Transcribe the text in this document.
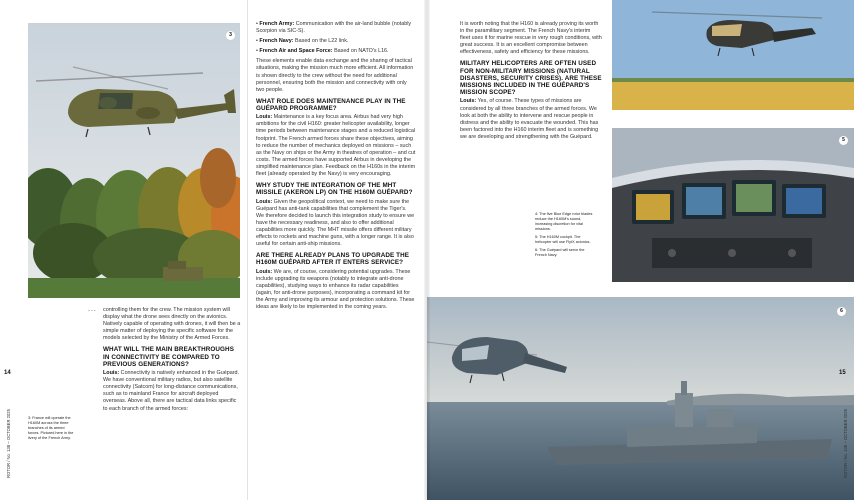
3
3: France will operate the H160M across the three branches of its armed forces. Pictured here in the livery of the French Army.
14
ROTOR / No. 138 – OCTOBER 2025
... controlling them for the crew. The mission system will display what the drone sees directly on the avionics. Natively capable of operating with drones, it will then be a simple matter of deploying the specific software for the models selected by the Ministry of the Armed Forces.

WHAT WILL THE MAIN BREAKTHROUGHS IN CONNECTIVITY BE COMPARED TO PREVIOUS GENERATIONS?

Louis: Connectivity is natively enhanced in the Guépard. We have conventional military radios, but also satellite connectivity (Satcom) for long-distance communications, such as to mainland France for aircraft deployed overseas. Above all, there are tactical data links specific to each branch of the armed forces:

• French Army: Communication with the air-land bubble (notably Scorpion via SIC-S).

• French Navy: Based on the L22 link.

• French Air and Space Force: Based on NATO's L16.

These elements enable data exchange and the sharing of tactical situations, making the mission much more efficient. All information is shown directly to the crew without the need for additional personnel, ensuring both the mission and connectivity with only two people.

WHAT ROLE DOES MAINTENANCE PLAY IN THE GUÉPARD PROGRAMME?

Louis: Maintenance is a key focus area. Airbus had very high ambitions for the civil H160: greater helicopter availability, longer time periods between maintenance stages and a reduced logistical footprint. The French armed forces share these objectives, aiming to reduce the number of mechanics deployed on missions – such as the Navy on ships or the Army in theatres of operation – and cut costs. The armed forces have supported Airbus in developing the simplified maintenance plan. Feedback on the H160s in the interim fleet (already operated by the Navy) is very encouraging.

WHY STUDY THE INTEGRATION OF THE MHT MISSILE (AKERON LP) ON THE H160M GUÉPARD?

Louis: Given the geopolitical context, we need to make sure the Guépard has anti-tank capabilities that complement the Tiger's. We therefore decided to launch this integration study to ensure we have the necessary readiness, and also to offer additional capabilities more quickly. The MHT missile offers different military effects to rockets and machine guns, with a longer range. It is also useful for certain anti-ship missions.

ARE THERE ALREADY PLANS TO UPGRADE THE H160M GUÉPARD AFTER IT ENTERS SERVICE?

Louis: We are, of course, considering potential upgrades. These include upgrading its weapons (notably to integrate anti-drone capabilities), studying ways to enhance its radar capabilities (again, for anti-drone purposes), incorporating a command kit for the Army and improving its armour and protection solutions. These ideas are likely to be implemented in the coming years.

It is worth noting that the H160 is already proving its worth in the paramilitary segment. The French Navy's interim fleet uses it for marine rescue in very rough conditions, with great success. It is an excellent compromise between effectiveness, safety and efficiency for these missions.

MILITARY HELICOPTERS ARE OFTEN USED FOR NON-MILITARY MISSIONS (NATURAL DISASTERS, SECURITY CRISES). ARE THESE MISSIONS INCLUDED IN THE GUÉPARD'S MISSION SCOPE?

Louis: Yes, of course. These types of missions are considered by all three branches of the armed forces. We look at both the ability to intervene and rescue people in distress and the ability to evacuate the wounded. This has been factored into the H160 interim fleet and is something we are developing and strengthening with the Guépard.

5

4: The five Blue Edge rotor blades reduce the H160M's sound, increasing discretion for vital missions.

5: The H160M cockpit. The helicopter will use FlytX avionics.

6: The Guépard will serve the French Navy.

6
15
ROTOR / No. 138 – OCTOBER 2025
